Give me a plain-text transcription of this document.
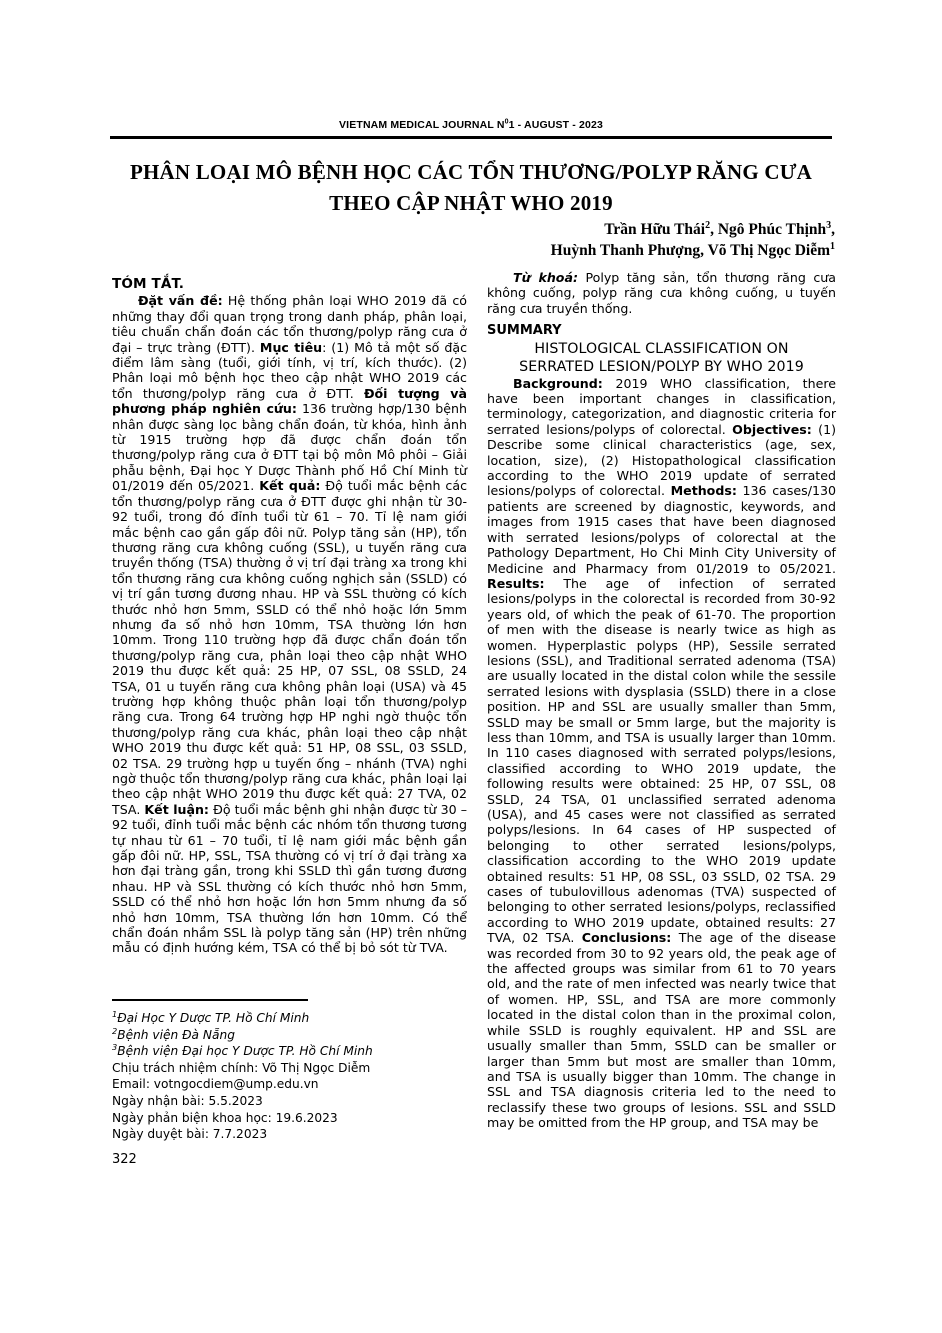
VIETNAM MEDICAL JOURNAL $N^01$ - AUGUST - 2023
PHÂN LOẠI MÔ BỆNH HỌC CÁC TỔN THƯƠNG/POLYP RĂNG CƯA
THEO CẬP NHẬT WHO 2019
Trần Hữu Thái$^2$, Ngô Phúc Thịnh$^3$,
Huỳnh Thanh Phượng, Võ Thị Ngọc Diễm$^1$
TÓM TẮT.

Đặt vấn đề: Hệ thống phân loại WHO 2019 đã có những thay đổi quan trọng trong danh pháp, phân loại, tiêu chuẩn chẩn đoán các tổn thương/polyp răng cưa ở đại – trực tràng (ĐTT). Mục tiêu: (1) Mô tả một số đặc điểm lâm sàng (tuổi, giới tính, vị trí, kích thước). (2) Phân loại mô bệnh học theo cập nhật WHO 2019 các tổn thương/polyp răng cưa ở ĐTT. Đối tượng và phương pháp nghiên cứu: 136 trường hợp/130 bệnh nhân được sàng lọc bằng chẩn đoán, từ khóa, hình ảnh từ 1915 trường hợp đã được chẩn đoán tổn thương/polyp răng cưa ở ĐTT tại bộ môn Mô phôi – Giải phẫu bệnh, Đại học Y Dược Thành phố Hồ Chí Minh từ 01/2019 đến 05/2021. Kết quả: Độ tuổi mắc bệnh các tổn thương/polyp răng cưa ở ĐTT được ghi nhận từ 30-92 tuổi, trong đó đỉnh tuổi từ 61 – 70. Tỉ lệ nam giới mắc bệnh cao gần gấp đôi nữ. Polyp tăng sản (HP), tổn thương răng cưa không cuống (SSL), u tuyến răng cưa truyền thống (TSA) thường ở vị trí đại tràng xa trong khi tổn thương răng cưa không cuống nghịch sản (SSLD) có vị trí gần tương đương nhau. HP và SSL thường có kích thước nhỏ hơn 5mm, SSLD có thể nhỏ hoặc lớn 5mm nhưng đa số nhỏ hơn 10mm, TSA thường lớn hơn 10mm. Trong 110 trường hợp đã được chẩn đoán tổn thương/polyp răng cưa, phân loại theo cập nhật WHO 2019 thu được kết quả: 25 HP, 07 SSL, 08 SSLD, 24 TSA, 01 u tuyến răng cưa không phân loại (USA) và 45 trường hợp không thuộc phân loại tổn thương/polyp răng cưa. Trong 64 trường hợp HP nghi ngờ thuộc tổn thương/polyp răng cưa khác, phân loại theo cập nhật WHO 2019 thu được kết quả: 51 HP, 08 SSL, 03 SSLD, 02 TSA. 29 trường hợp u tuyến ống – nhánh (TVA) nghi ngờ thuộc tổn thương/polyp răng cưa khác, phân loại lại theo cập nhật WHO 2019 thu được kết quả: 27 TVA, 02 TSA. Kết luận: Độ tuổi mắc bệnh ghi nhận được từ 30 – 92 tuổi, đỉnh tuổi mắc bệnh các nhóm tổn thương tương tự nhau từ 61 – 70 tuổi, tỉ lệ nam giới mắc bệnh gần gấp đôi nữ. HP, SSL, TSA thường có vị trí ở đại tràng xa hơn đại tràng gần, trong khi SSLD thì gần tương đương nhau. HP và SSL thường có kích thước nhỏ hơn 5mm, SSLD có thể nhỏ hơn hoặc lớn hơn 5mm nhưng đa số nhỏ hơn 10mm, TSA thường lớn hơn 10mm. Có thể chẩn đoán nhầm SSL là polyp tăng sản (HP) trên những mẫu có định hướng kém, TSA có thể bị bỏ sót từ TVA.

Từ khoá: Polyp tăng sản, tổn thương răng cưa không cuống, polyp răng cưa không cuống, u tuyến răng cưa truyền thống.

SUMMARY
HISTOLOGICAL CLASSIFICATION ON
SERRATED LESION/POLYP BY WHO 2019

Background: 2019 WHO classification, there have been important changes in classification, terminology, categorization, and diagnostic criteria for serrated lesions/polyps of colorectal. Objectives: (1) Describe some clinical characteristics (age, sex, location, size), (2) Histopathological classification according to the WHO 2019 update of serrated lesions/polyps of colorectal. Methods: 136 cases/130 patients are screened by diagnostic, keywords, and images from 1915 cases that have been diagnosed with serrated lesions/polyps of colorectal at the Pathology Department, Ho Chi Minh City University of Medicine and Pharmacy from 01/2019 to 05/2021. Results: The age of infection of serrated lesions/polyps in the colorectal is recorded from 30-92 years old, of which the peak of 61-70. The proportion of men with the disease is nearly twice as high as women. Hyperplastic polyps (HP), Sessile serrated lesions (SSL), and Traditional serrated adenoma (TSA) are usually located in the distal colon while the sessile serrated lesions with dysplasia (SSLD) there in a close position. HP and SSL are usually smaller than 5mm, SSLD may be small or 5mm large, but the majority is less than 10mm, and TSA is usually larger than 10mm. In 110 cases diagnosed with serrated polyps/lesions, classified according to WHO 2019 update, the following results were obtained: 25 HP, 07 SSL, 08 SSLD, 24 TSA, 01 unclassified serrated adenoma (USA), and 45 cases were not classified as serrated polyps/lesions. In 64 cases of HP suspected of belonging to other serrated lesions/polyps, classification according to the WHO 2019 update obtained results: 51 HP, 08 SSL, 03 SSLD, 02 TSA. 29 cases of tubulovillous adenomas (TVA) suspected of belonging to other serrated lesions/polyps, reclassified according to WHO 2019 update, obtained results: 27 TVA, 02 TSA. Conclusions: The age of the disease was recorded from 30 to 92 years old, the peak age of the affected groups was similar from 61 to 70 years old, and the rate of men infected was nearly twice that of women. HP, SSL, and TSA are more commonly located in the distal colon than in the proximal colon, while SSLD is roughly equivalent. HP and SSL are usually smaller than 5mm, SSLD can be smaller or larger than 5mm but most are smaller than 10mm, and TSA is usually bigger than 10mm. The change in SSL and TSA diagnosis criteria led to the need to reclassify these two groups of lesions. SSL and SSLD may be omitted from the HP group, and TSA may be

$^1$Đại Học Y Dược TP. Hồ Chí Minh
$^2$Bệnh viện Đà Nẵng
$^3$Bệnh viện Đại học Y Dược TP. Hồ Chí Minh
Chịu trách nhiệm chính: Võ Thị Ngọc Diễm
Email: votngocdiem@ump.edu.vn
Ngày nhận bài: 5.5.2023
Ngày phản biện khoa học: 19.6.2023
Ngày duyệt bài: 7.7.2023
322
